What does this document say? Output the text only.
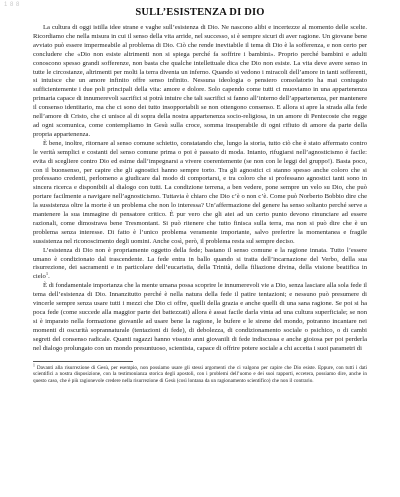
1 8 8
SULL’ESISTENZA DI DIO

La cultura di oggi istilla idee strane e vaghe sull’esistenza di Dio. Ne nascono alibi e incertezze al momento delle scelte. Ricordiamo che nella misura in cui il senso della vita arride, nel successo, si è sempre sicuri di aver ragione. Un giovane bene avviato può essere impermeabile al problema di Dio. Ciò che rende inevitabile il tema di Dio è la sofferenza, e non certo per concludere che «Dio non esiste altrimenti non si spiega perché fa soffrire i bambini». Proprio perché bambini e adulti conoscono spesso grandi sofferenze, non basta che qualche intellettuale dica che Dio non esiste. La vita deve avere senso in tutte le circostanze, altrimenti per molti la terra diventa un inferno. Quando si vedono i miracoli dell’amore in tanti sofferenti, si intuisce che un amore infinito offre senso infinito. Nessuna ideologia o pensiero consolatorio ha mai coniugato sufficientemente i due poli principali della vita: amore e dolore. Solo capendo come tutti ci muoviamo in una appartenenza primaria capace di innumerevoli sacrifici si potrà intuire che tali sacrifici si fanno all’interno dell’appartenenza, per mantenere il consenso identitario, ma che ci sono dei tutto insopportabili se non ottengono consenso. E allora si apre la strada alla fede nell’amore di Cristo, che ci unisce al di sopra della nostra appartenenza socio-religiosa, in un amore di Pentecoste che regge ad ogni scomunica, come contempliamo in Gesù sulla croce, somma insuperabile di ogni rifiuto di amore da parte della propria appartenenza.

È bene, inoltre, ritornare al senso comune schietto, constatando che, lungo la storia, tutto ciò che è stato affermato contro le verità semplici e costanti del senso comune prima o poi è passato di moda. Intanto, rifugiarsi nell’agnosticismo è facile: evita di scegliere contro Dio ed esime dall’impegnarsi a vivere coerentemente (se non con le leggi del gruppo!). Basta poco, con il buonsenso, per capire che gli agnostici hanno sempre torto. Tra gli agnostici ci stanno spesso anche coloro che si professano credenti, perlomeno a giudicare dal modo di comportarsi, e tra coloro che si professano agnostici tanti sono in sincera ricerca e disponibili al dialogo con tutti. La condizione terrena, a ben vedere, pone sempre un velo su Dio, che può portare facilmente a navigare nell’agnosticismo. Tuttavia è chiaro che Dio c’è o non c’è. Come può Norberto Bobbio dire che la sussistenza oltre la morte è un problema che non lo interessa? Un’affermazione del genere ha senso soltanto perché serve a mantenere la sua immagine di pensatore critico. È pur vero che gli atei ad un certo punto devono rinunciare ad essere razionali, come dimostrava bene Tresmontant. Si può ritenere che tutto finisca sulla terra, ma non si può dire che è un problema senza interesse. Di fatto è l’unico problema veramente importante, salvo preferire la momentanea e fragile sussistenza nel riconoscimento degli uomini. Anche così, però, il problema resta sul sempre deciso.

L’esistenza di Dio non è propriamente oggetto della fede; bastano il senso comune e la ragione innata. Tutto l’essere umano è condizionato dal trascendente. La fede entra in ballo quando si tratta dell’incarnazione del Verbo, della sua risurrezione, dei sacramenti e in particolare dell’eucaristia, della Trinità, della filiazione divina, della visione beatifica in cielo$^1$.

È di fondamentale importanza che la mente umana possa scoprire le innumerevoli vie a Dio, senza lasciare alla sola fede il tema dell’esistenza di Dio. Innanzitutto perché è nella natura della fede il patire tentazioni; e nessuno può presumere di vincerle sempre senza usare tutti i mezzi che Dio ci offre, quelli della grazia e anche quelli di una sana ragione. Se poi si ha poca fede (come succede alla maggior parte dei battezzati) allora è assai facile darla vinta ad una cultura superficiale; se non si è imparato nella formazione giovanile ad usare bene la ragione, le bufere e le sirene del mondo, potranno incantare nei momenti di oscurità soprannaturale (tentazioni di fede), di debolezza, di condizionamento sociale o psichico, o di cambi segreti del consenso radicale. Quanti ragazzi hanno vissuto anni giovanili di fede indiscussa e anche gioiosa per poi perderla nel dialogo prolungato con un mondo presuntuoso, scientista, capace di offrire potere sociale a chi accetta i suoi parametri di

$^1$ Davanti alla risurrezione di Gesù, per esempio, non possiamo usare gli stessi argomenti che ci valgono per capire che Dio esiste. Eppure, con tutti i dati scientifici a nostra disposizione, con la testimonianza storica degli apostoli, con i problemi dell’uomo e dei suoi rapporti, eccetera, possiamo dire, anche in questo caso, che è più ragionevole credere nella risurrezione di Gesù (così lontana da un ragionamento scientifico) che non il contrario.
